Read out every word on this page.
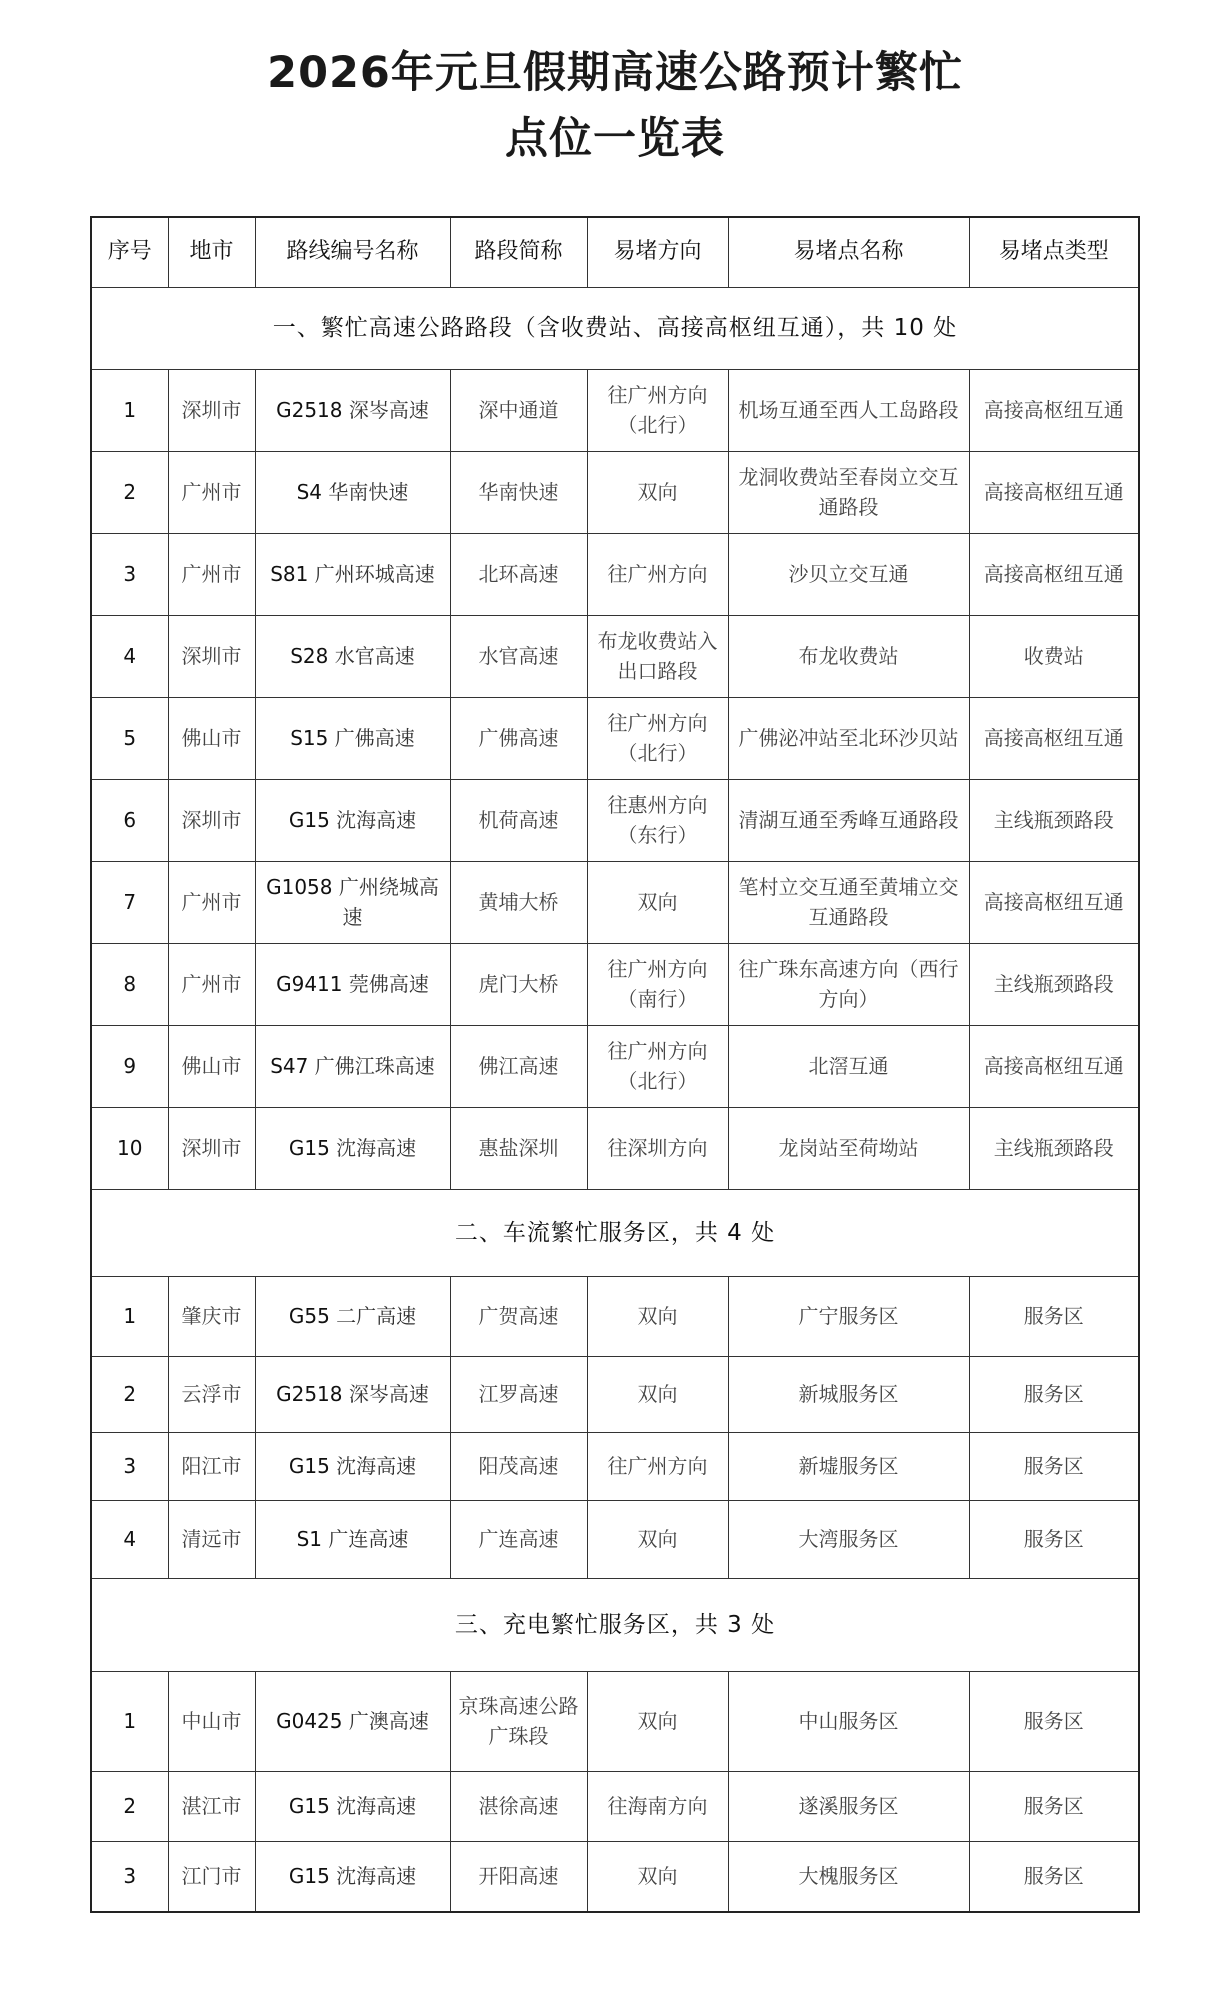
2026年元旦假期高速公路预计繁忙
点位一览表
序号	地市	路线编号名称	路段简称	易堵方向	易堵点名称	易堵点类型
一、繁忙高速公路路段（含收费站、高接高枢纽互通），共 10 处						
1	深圳市	G2518 深岑高速	深中通道	往广州方向（北行）	机场互通至西人工岛路段	高接高枢纽互通
2	广州市	S4 华南快速	华南快速	双向	龙洞收费站至春岗立交互通路段	高接高枢纽互通
3	广州市	S81 广州环城高速	北环高速	往广州方向	沙贝立交互通	高接高枢纽互通
4	深圳市	S28 水官高速	水官高速	布龙收费站入出口路段	布龙收费站	收费站
5	佛山市	S15 广佛高速	广佛高速	往广州方向（北行）	广佛泌冲站至北环沙贝站	高接高枢纽互通
6	深圳市	G15 沈海高速	机荷高速	往惠州方向（东行）	清湖互通至秀峰互通路段	主线瓶颈路段
7	广州市	G1058 广州绕城高速	黄埔大桥	双向	笔村立交互通至黄埔立交互通路段	高接高枢纽互通
8	广州市	G9411 莞佛高速	虎门大桥	往广州方向（南行）	往广珠东高速方向（西行方向）	主线瓶颈路段
9	佛山市	S47 广佛江珠高速	佛江高速	往广州方向（北行）	北滘互通	高接高枢纽互通
10	深圳市	G15 沈海高速	惠盐深圳	往深圳方向	龙岗站至荷坳站	主线瓶颈路段
二、车流繁忙服务区，共 4 处						
1	肇庆市	G55 二广高速	广贺高速	双向	广宁服务区	服务区
2	云浮市	G2518 深岑高速	江罗高速	双向	新城服务区	服务区
3	阳江市	G15 沈海高速	阳茂高速	往广州方向	新墟服务区	服务区
4	清远市	S1 广连高速	广连高速	双向	大湾服务区	服务区
三、充电繁忙服务区，共 3 处						
1	中山市	G0425 广澳高速	京珠高速公路广珠段	双向	中山服务区	服务区
2	湛江市	G15 沈海高速	湛徐高速	往海南方向	遂溪服务区	服务区
3	江门市	G15 沈海高速	开阳高速	双向	大槐服务区	服务区
